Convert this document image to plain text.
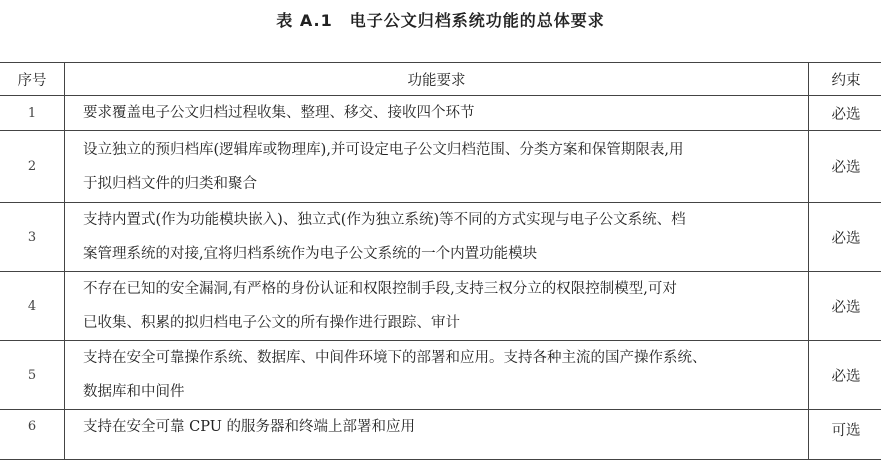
表 A.1　电子公文归档系统功能的总体要求
序号	功能要求	约束
1	要求覆盖电子公文归档过程收集、整理、移交、接收四个环节	必选
2	设立独立的预归档库(逻辑库或物理库),并可设定电子公文归档范围、分类方案和保管期限表,用
于拟归档文件的归类和聚合	必选
3	支持内置式(作为功能模块嵌入)、独立式(作为独立系统)等不同的方式实现与电子公文系统、档
案管理系统的对接,宜将归档系统作为电子公文系统的一个内置功能模块	必选
4	不存在已知的安全漏洞,有严格的身份认证和权限控制手段,支持三权分立的权限控制模型,可对
已收集、积累的拟归档电子公文的所有操作进行跟踪、审计	必选
5	支持在安全可靠操作系统、数据库、中间件环境下的部署和应用。支持各种主流的国产操作系统、
数据库和中间件	必选
6	支持在安全可靠 CPU 的服务器和终端上部署和应用	可选
